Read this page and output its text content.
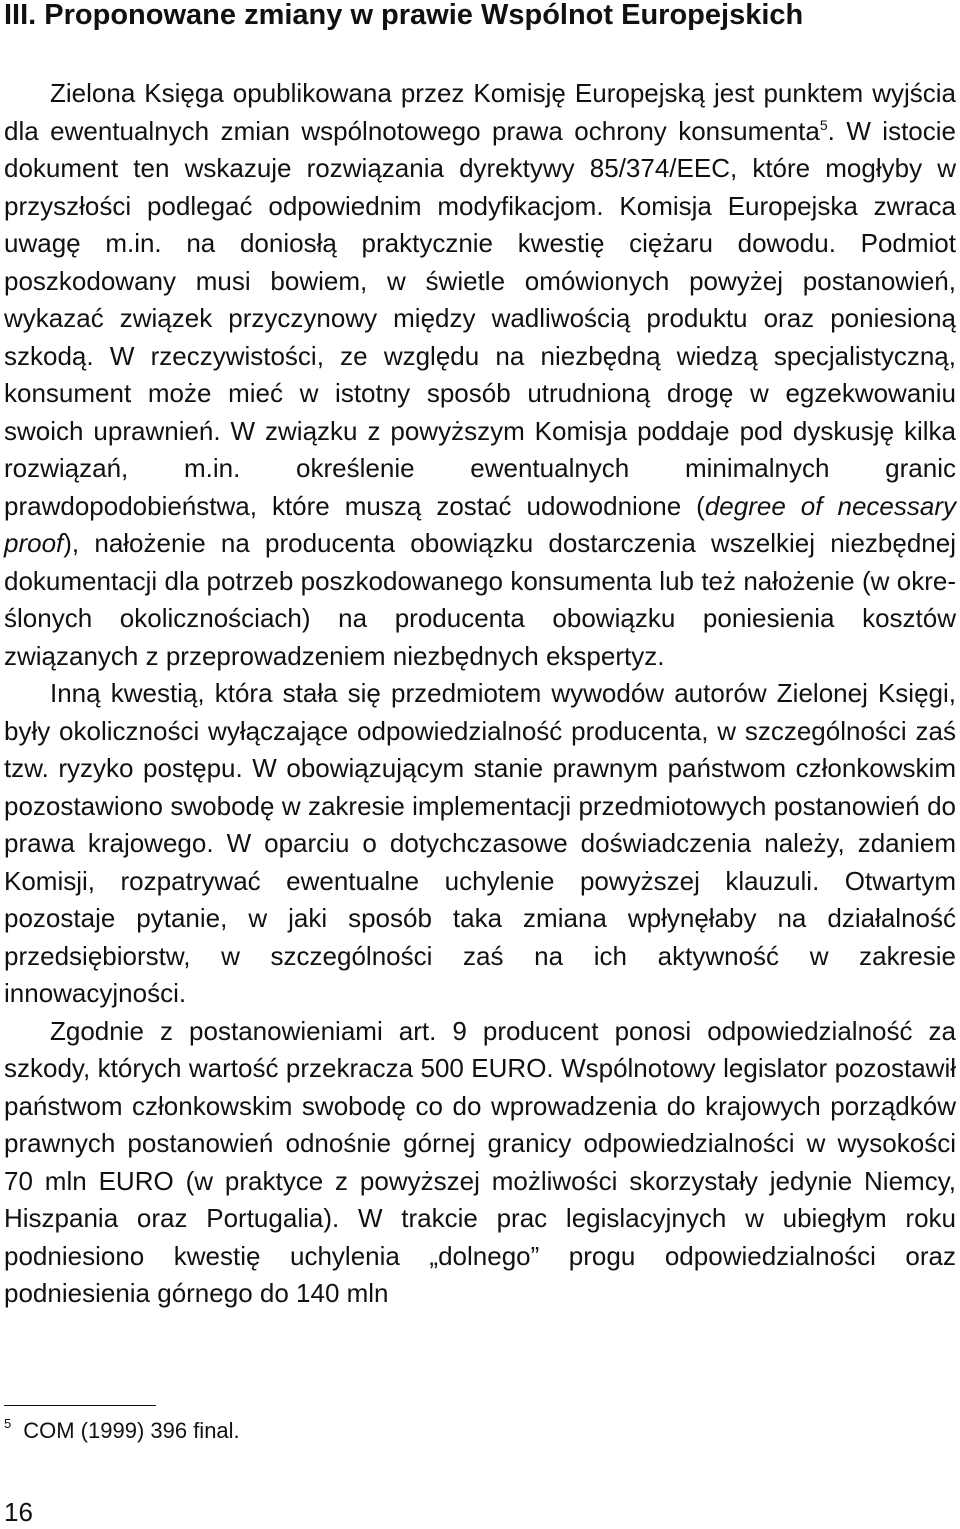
III. Proponowane zmiany w prawie Wspólnot Europejskich

Zielona Księga opublikowana przez Komisję Europejską jest punktem wyjścia dla ewentualnych zmian wspólnotowego prawa ochrony konsumenta$^5$. W istocie dokument ten wskazuje rozwiązania dyrektywy 85/374/EEC, które mogłyby w przyszłości podlegać odpowiednim modyfikacjom. Komisja Europejska zwraca uwagę m.in. na doniosłą praktycznie kwestię ciężaru dowodu. Podmiot poszkodowany musi bowiem, w świetle omówionych powyżej postanowień, wykazać związek przyczynowy między wadliwością produktu oraz poniesioną szkodą. W rzeczywistości, ze względu na niezbędną wiedzą specjalistyczną, konsument może mieć w istotny sposób utrudnioną drogę w egzekwowaniu swoich uprawnień. W związku z powyższym Komisja poddaje pod dyskusję kilka rozwiązań, m.in. określenie ewentualnych minimalnych granic prawdopodobieństwa, które muszą zostać udowodnione (degree of necessary proof), nałożenie na producenta obowiązku dostarczenia wszelkiej niezbędnej dokumentacji dla potrzeb poszkodowanego konsumenta lub też nałożenie (w określonych okolicznościach) na producenta obowiązku poniesienia kosztów związanych z przeprowadzeniem niezbędnych ekspertyz.

Inną kwestią, która stała się przedmiotem wywodów autorów Zielonej Księgi, były okoliczności wyłączające odpowiedzialność producenta, w szczególności zaś tzw. ryzyko postępu. W obowiązującym stanie prawnym państwom członkowskim pozostawiono swobodę w zakresie implementacji przedmiotowych postanowień do prawa krajowego. W oparciu o dotychczasowe doświadczenia należy, zdaniem Komisji, rozpatrywać ewentualne uchylenie powyższej klauzuli. Otwartym pozostaje pytanie, w jaki sposób taka zmiana wpłynęłaby na działalność przedsiębiorstw, w szczególności zaś na ich aktywność w zakresie innowacyjności.

Zgodnie z postanowieniami art. 9 producent ponosi odpowiedzialność za szkody, których wartość przekracza 500 EURO. Wspólnotowy legislator pozostawił państwom członkowskim swobodę co do wprowadzenia do krajowych porządków prawnych postanowień odnośnie górnej granicy odpowiedzialności w wysokości 70 mln EURO (w praktyce z powyższej możliwości skorzystały jedynie Niemcy, Hiszpania oraz Portugalia). W trakcie prac legislacyjnych w ubiegłym roku podniesiono kwestię uchylenia „dolnego” progu odpowiedzialności oraz podniesienia górnego do 140 mln

$^5$ COM (1999) 396 final.
16
